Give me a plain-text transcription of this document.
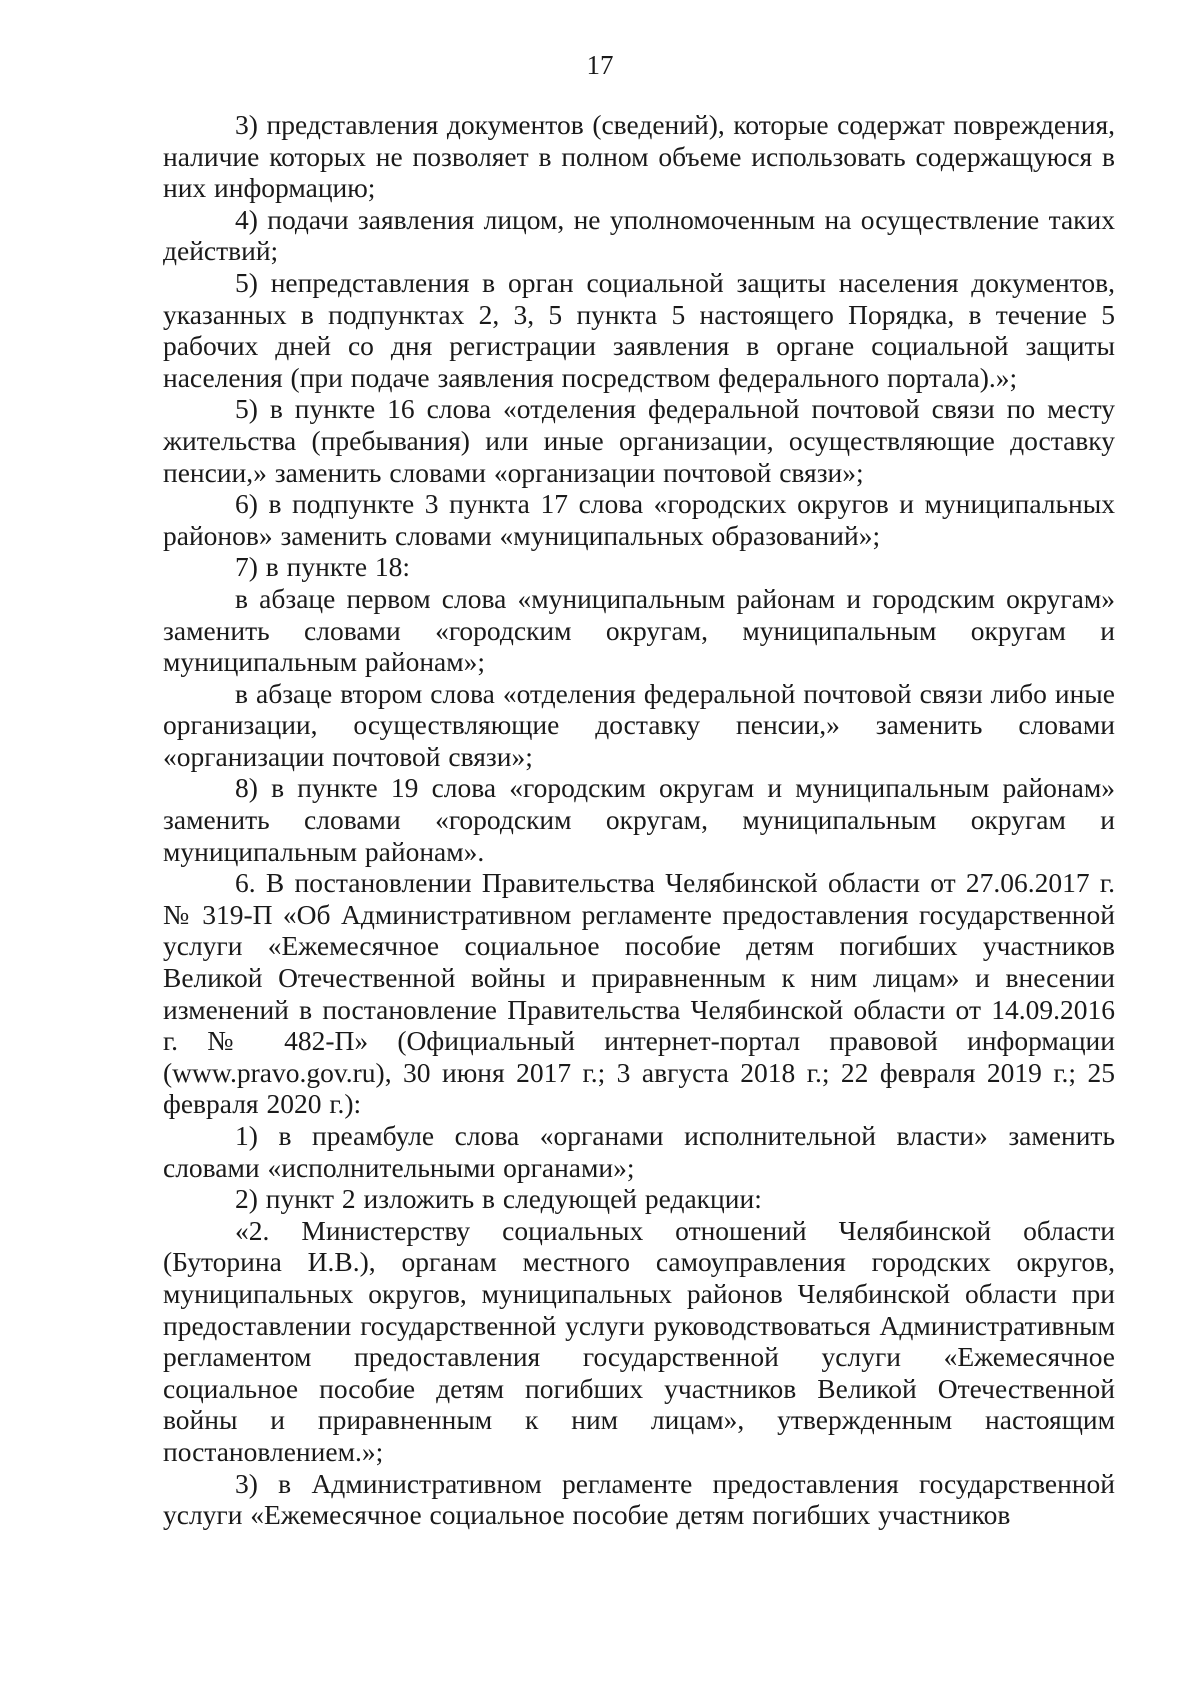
17

3) представления документов (сведений), которые содержат повреждения, наличие которых не позволяет в полном объеме использовать содержащуюся в них информацию;

4) подачи заявления лицом, не уполномоченным на осуществление таких действий;

5) непредставления в орган социальной защиты населения документов, указанных в подпунктах 2, 3, 5 пункта 5 настоящего Порядка, в течение 5 рабочих дней со дня регистрации заявления в органе социальной защиты населения (при подаче заявления посредством федерального портала).»;

5) в пункте 16 слова «отделения федеральной почтовой связи по месту жительства (пребывания) или иные организации, осуществляющие доставку пенсии,» заменить словами «организации почтовой связи»;

6) в подпункте 3 пункта 17 слова «городских округов и муниципальных районов» заменить словами «муниципальных образований»;

7) в пункте 18:

в абзаце первом слова «муниципальным районам и городским округам» заменить словами «городским округам, муниципальным округам и муниципальным районам»;

в абзаце втором слова «отделения федеральной почтовой связи либо иные организации, осуществляющие доставку пенсии,» заменить словами «организации почтовой связи»;

8) в пункте 19 слова «городским округам и муниципальным районам» заменить словами «городским округам, муниципальным округам и муниципальным районам».

6. В постановлении Правительства Челябинской области от 27.06.2017 г. № 319-П «Об Административном регламенте предоставления государственной услуги «Ежемесячное социальное пособие детям погибших участников Великой Отечественной войны и приравненным к ним лицам» и внесении изменений в постановление Правительства Челябинской области от 14.09.2016 г. № 482-П» (Официальный интернет-портал правовой информации (www.pravo.gov.ru), 30 июня 2017 г.; 3 августа 2018 г.; 22 февраля 2019 г.; 25 февраля 2020 г.):

1) в преамбуле слова «органами исполнительной власти» заменить словами «исполнительными органами»;

2) пункт 2 изложить в следующей редакции:

«2. Министерству социальных отношений Челябинской области (Буторина И.В.), органам местного самоуправления городских округов, муниципальных округов, муниципальных районов Челябинской области при предоставлении государственной услуги руководствоваться Административным регламентом предоставления государственной услуги «Ежемесячное социальное пособие детям погибших участников Великой Отечественной войны и приравненным к ним лицам», утвержденным настоящим постановлением.»;

3) в Административном регламенте предоставления государственной услуги «Ежемесячное социальное пособие детям погибших участников
